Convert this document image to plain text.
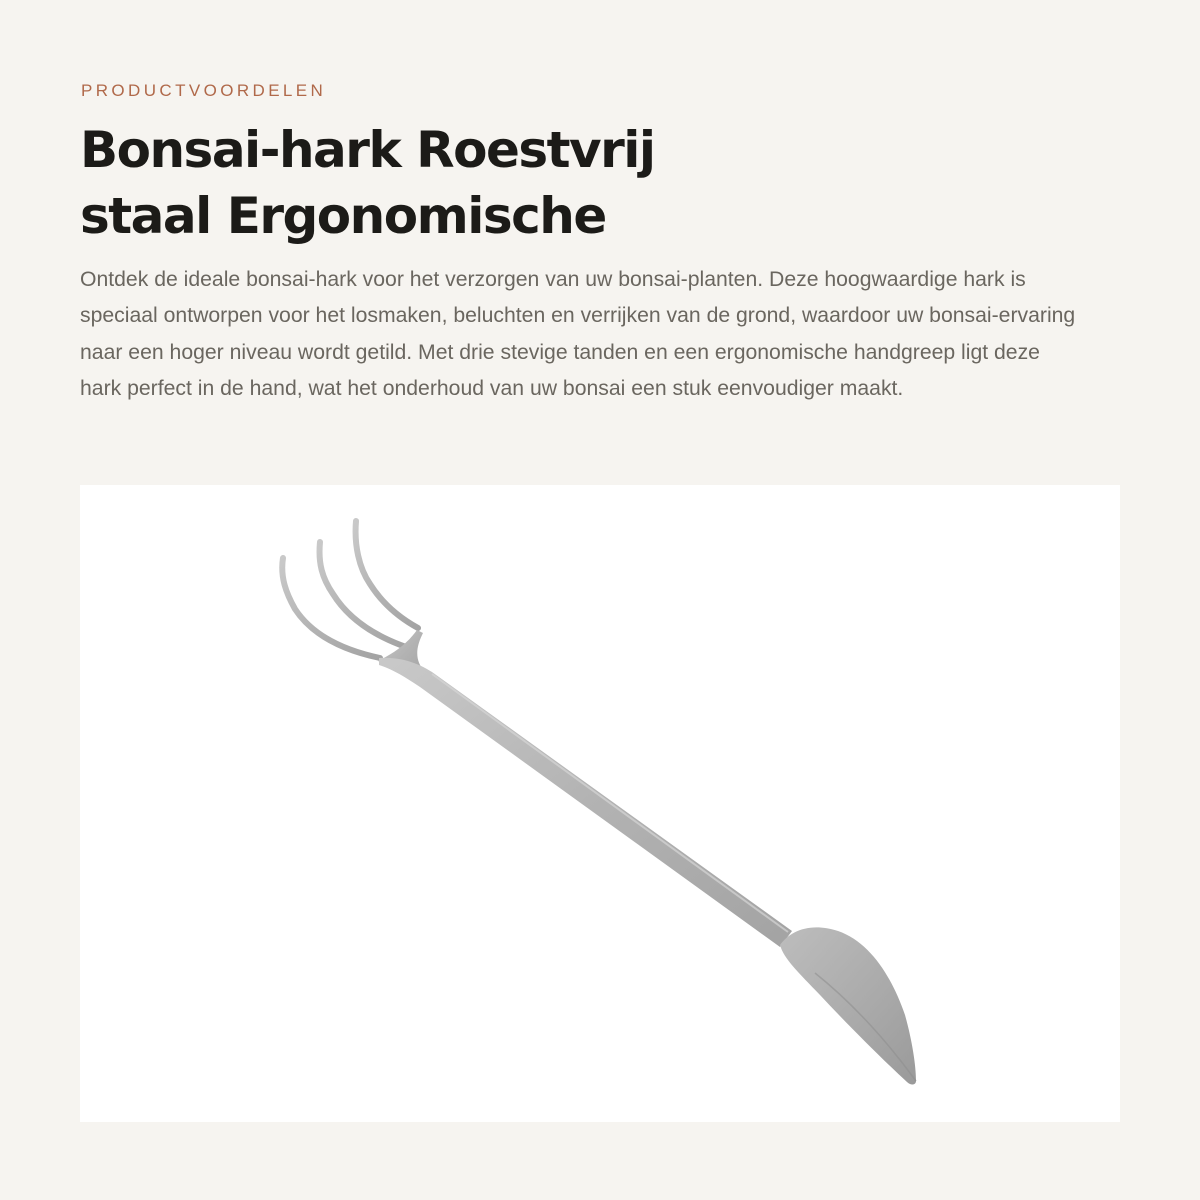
PRODUCTVOORDELEN
Bonsai-hark Roestvrij staal Ergonomische

Ontdek de ideale bonsai-hark voor het verzorgen van uw bonsai-planten. Deze hoogwaardige hark is speciaal ontworpen voor het losmaken, beluchten en verrijken van de grond, waardoor uw bonsai-ervaring naar een hoger niveau wordt getild. Met drie stevige tanden en een ergonomische handgreep ligt deze hark perfect in de hand, wat het onderhoud van uw bonsai een stuk eenvoudiger maakt.
